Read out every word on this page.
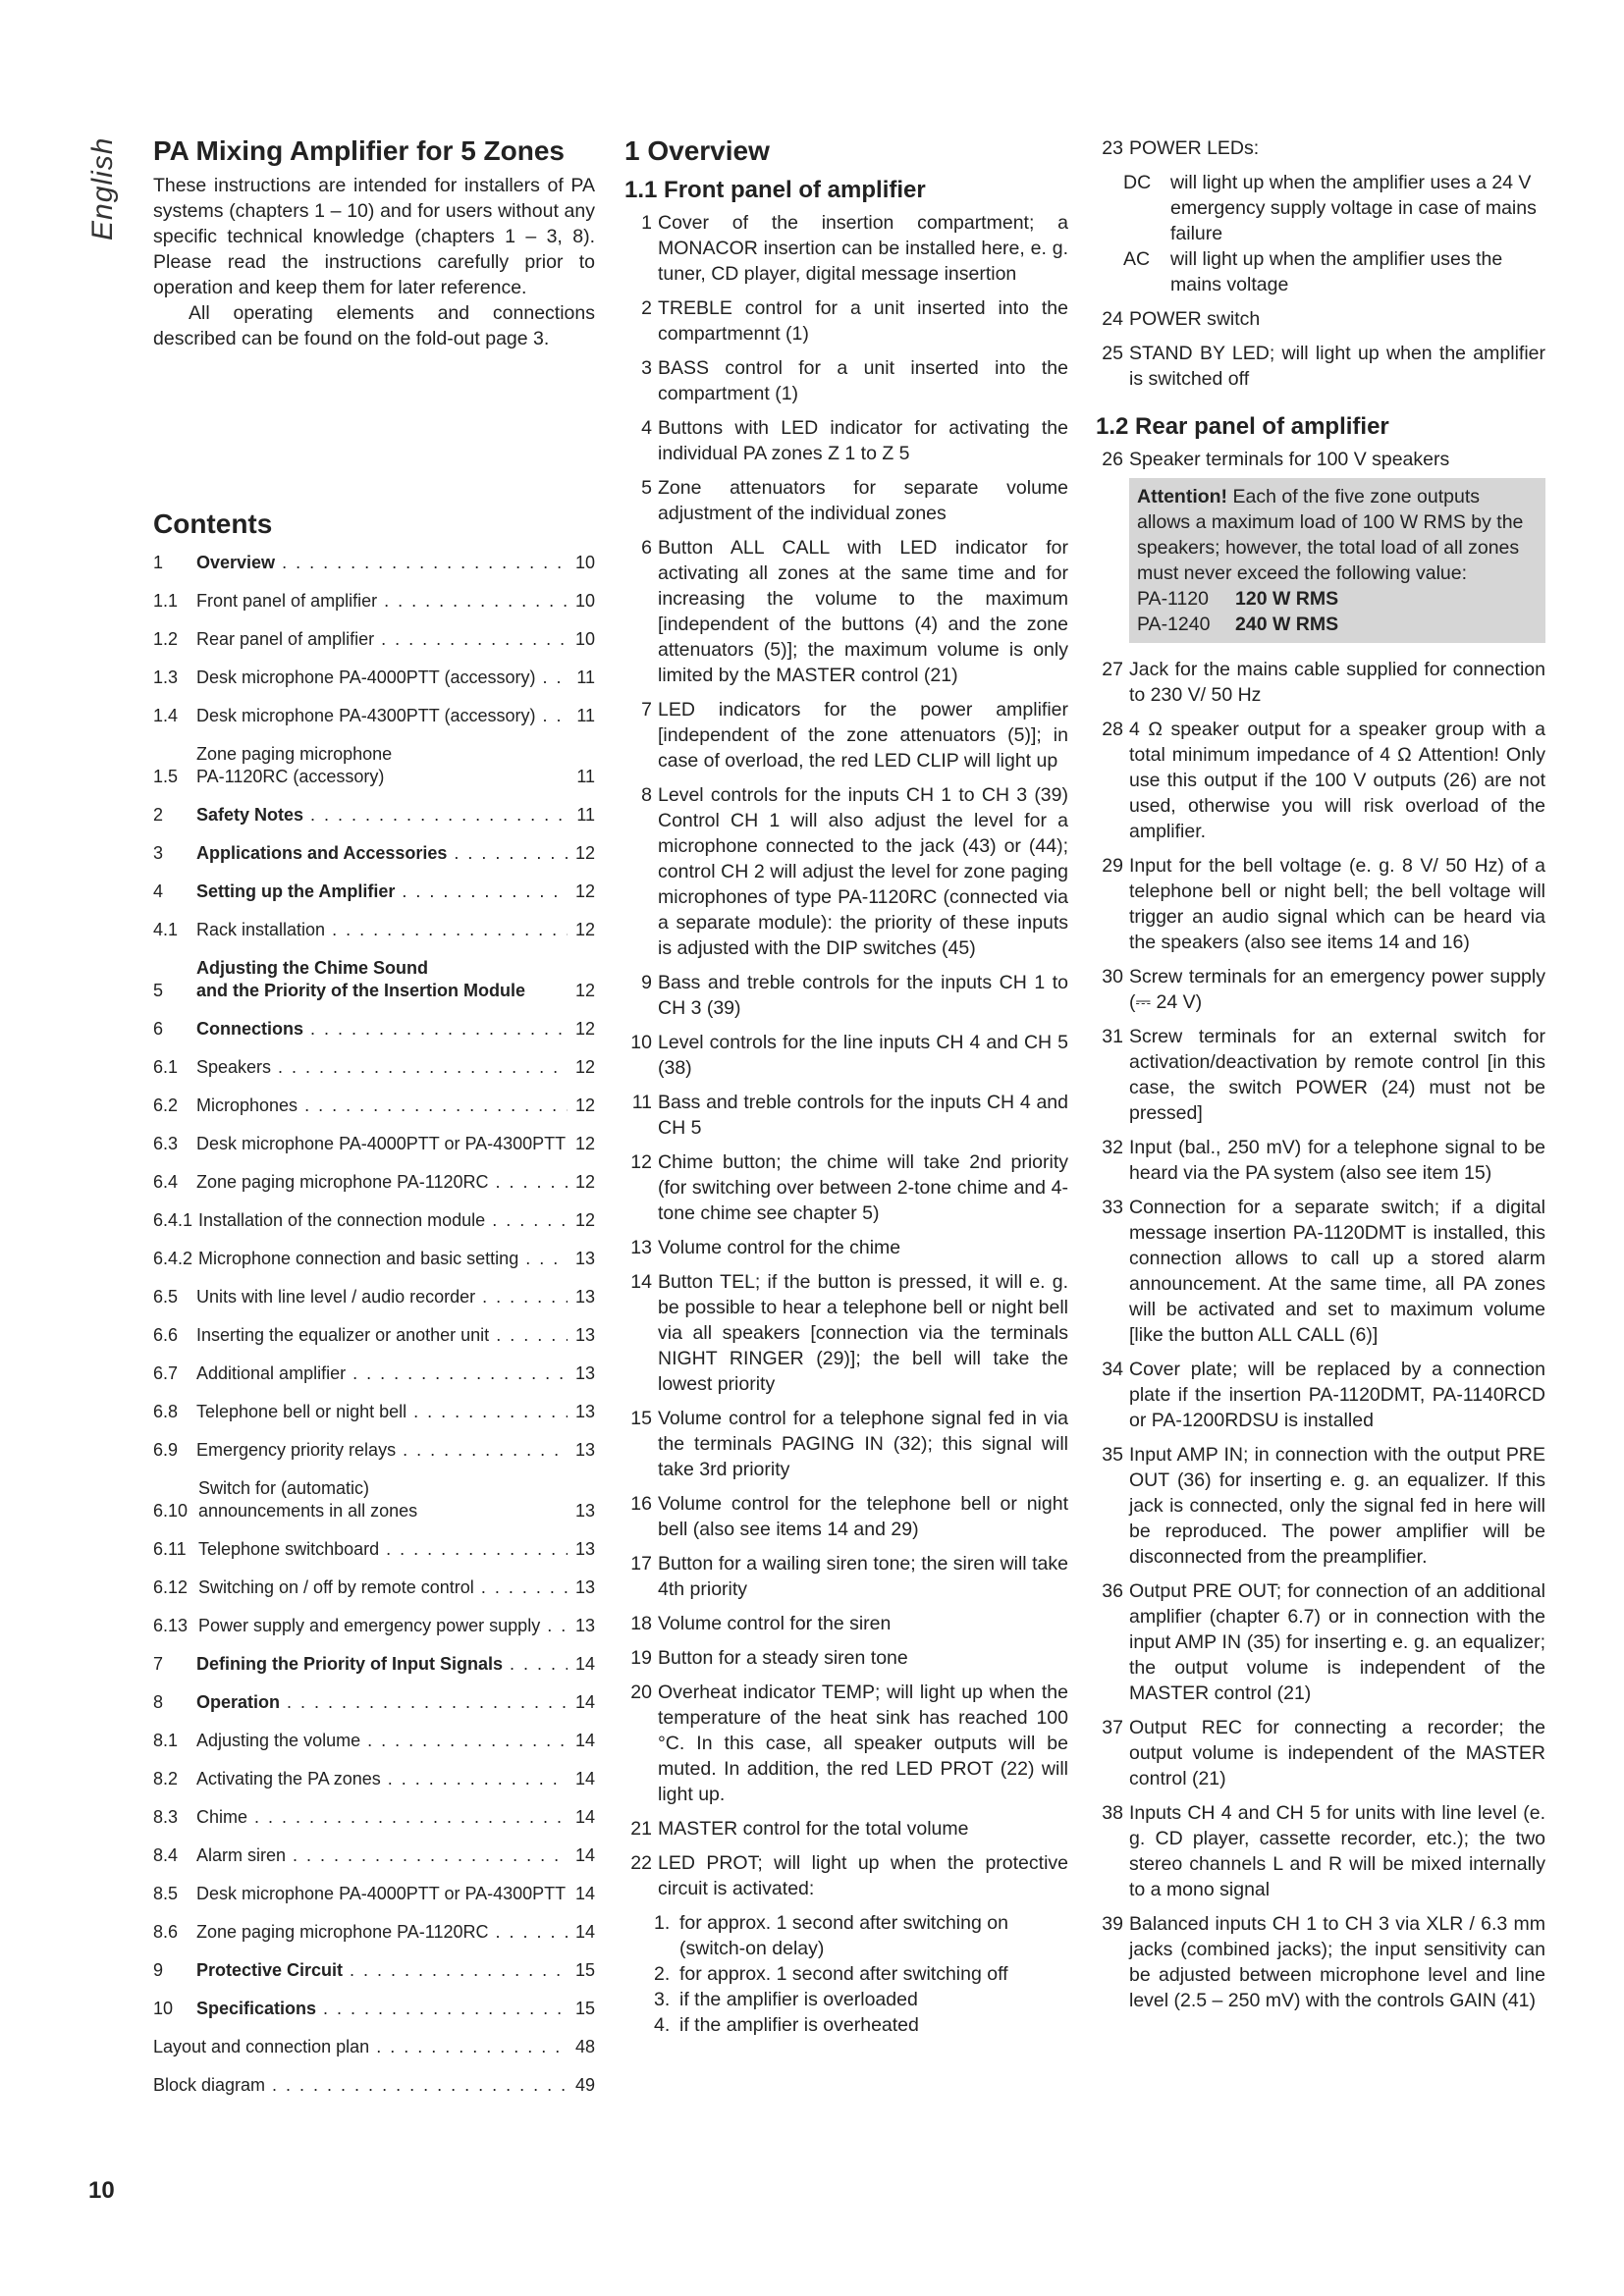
English PA Mixing Amplifier for 5 Zones

These instructions are intended for installers of PA systems (chapters 1 – 10) and for users without any specific technical knowledge (chapters 1 – 3, 8). Please read the instructions carefully prior to operation and keep them for later reference.

All operating elements and connections described can be found on the fold-out page 3.

Contents
1	Overview . . .	10
1.1	Front panel of amplifier . . .	10
1.2	Rear panel of amplifier . . .	10
1.3	Desk microphone PA-4000PTT (accessory) . . .	11
1.4	Desk microphone PA-4300PTT (accessory) . . .	11
1.5
Zone paging microphone
PA-1120RC (accessory)	11
2	Safety Notes . . .	11
3	Applications and Accessories . . .	12
4	Setting up the Amplifier . . .	12
4.1	Rack installation . . .	12
5
Adjusting the Chime Sound
and the Priority of the Insertion Module	12
6	Connections . . .	12
6.1	Speakers . . .	12
6.2	Microphones . . .	12
6.3	Desk microphone PA-4000PTT or PA-4300PTT . . . 12
6.4	Zone paging microphone PA-1120RC . . .	12
6.4.1 Installation of the connection module . . .	12
6.4.2 Microphone connection and basic setting . . .	13
6.5	Units with line level / audio recorder . . .	13
6.6	Inserting the equalizer or another unit . . .	13
6.7	Additional amplifier . . .	13
6.8	Telephone bell or night bell . . .	13
6.9	Emergency priority relays . . .	13
6.10
Switch for (automatic)
announcements in all zones	13
6.11 Telephone switchboard . . .	13
6.12 Switching on / off by remote control . . .	13
6.13 Power supply and emergency power supply . . .	13
7	Defining the Priority of Input Signals . . .	14
8	Operation . . .	14
8.1	Adjusting the volume . . .	14
8.2	Activating the PA zones . . .	14
8.3	Chime . . .	14
8.4	Alarm siren . . .	14
8.5	Desk microphone PA-4000PTT or PA-4300PTT . . . 14
8.6	Zone paging microphone PA-1120RC . . .	14
9	Protective Circuit . . .	15
10	Specifications . . .	15
Layout and connection plan . . .	48
Block diagram . . .	49
1 Overview
1.1 Front panel of amplifier
1 Cover of the insertion compartment; a MONACOR insertion can be installed here, e. g. tuner, CD player, digital message insertion
2 TREBLE control for a unit inserted into the compartmennt (1)
3 BASS control for a unit inserted into the compartment (1)
4 Buttons with LED indicator for activating the individual PA zones Z 1 to Z 5
5 Zone attenuators for separate volume adjustment of the individual zones
6 Button ALL CALL with LED indicator for activating all zones at the same time and for increasing the volume to the maximum [independent of the buttons (4) and the zone attenuators (5)]; the maximum volume is only limited by the MASTER control (21)
7 LED indicators for the power amplifier [independent of the zone attenuators (5)]; in case of overload, the red LED CLIP will light up
8 Level controls for the inputs CH 1 to CH 3 (39) Control CH 1 will also adjust the level for a microphone connected to the jack (43) or (44); control CH 2 will adjust the level for zone paging microphones of type PA-1120RC (connected via a separate module): the priority of these inputs is adjusted with the DIP switches (45)
9 Bass and treble controls for the inputs CH 1 to CH 3 (39)
10 Level controls for the line inputs CH 4 and CH 5 (38)
11 Bass and treble controls for the inputs CH 4 and CH 5
12 Chime button; the chime will take 2nd priority (for switching over between 2-tone chime and 4-tone chime see chapter 5)
13 Volume control for the chime
14 Button TEL; if the button is pressed, it will e. g. be possible to hear a telephone bell or night bell via all speakers [connection via the terminals NIGHT RINGER (29)]; the bell will take the lowest priority
15 Volume control for a telephone signal fed in via the terminals PAGING IN (32); this signal will take 3rd priority
16 Volume control for the telephone bell or night bell (also see items 14 and 29)
17 Button for a wailing siren tone; the siren will take 4th priority
18 Volume control for the siren
19 Button for a steady siren tone
20 Overheat indicator TEMP; will light up when the temperature of the heat sink has reached 100 °C. In this case, all speaker outputs will be muted. In addition, the red LED PROT (22) will light up.
21 MASTER control for the total volume
22 LED PROT; will light up when the protective circuit is activated:
1. for approx. 1 second after switching on (switch-on delay)
2. for approx. 1 second after switching off
3. if the amplifier is overloaded
4. if the amplifier is overheated
23 POWER LEDs:
DC	will light up when the amplifier uses a 24 V emergency supply voltage in case of mains failure
AC	will light up when the amplifier uses the mains voltage
24 POWER switch
25 STAND BY LED; will light up when the amplifier is switched off
1.2 Rear panel of amplifier
26 Speaker terminals for 100 V speakers
Attention! Each of the five zone outputs allows a maximum load of 100 W RMS by the speakers; however, the total load of all zones must never exceed the following value:
PA-1120	120 W RMS
PA-1240	240 W RMS
27 Jack for the mains cable supplied for connection to 230 V/ 50 Hz
28 4 Ω speaker output for a speaker group with a total minimum impedance of 4 Ω Attention! Only use this output if the 100 V outputs (26) are not used, otherwise you will risk overload of the amplifier.
29 Input for the bell voltage (e. g. 8 V/ 50 Hz) of a telephone bell or night bell; the bell voltage will trigger an audio signal which can be heard via the speakers (also see items 14 and 16)
30 Screw terminals for an emergency power supply (⎓ 24 V)
31 Screw terminals for an external switch for activation/deactivation by remote control [in this case, the switch POWER (24) must not be pressed]
32 Input (bal., 250 mV) for a telephone signal to be heard via the PA system (also see item 15)
33 Connection for a separate switch; if a digital message insertion PA-1120DMT is installed, this connection allows to call up a stored alarm announcement. At the same time, all PA zones will be activated and set to maximum volume [like the button ALL CALL (6)]
34 Cover plate; will be replaced by a connection plate if the insertion PA-1120DMT, PA-1140RCD or PA-1200RDSU is installed
35 Input AMP IN; in connection with the output PRE OUT (36) for inserting e. g. an equalizer. If this jack is connected, only the signal fed in here will be reproduced. The power amplifier will be disconnected from the preamplifier.
36 Output PRE OUT; for connection of an additional amplifier (chapter 6.7) or in connection with the input AMP IN (35) for inserting e. g. an equalizer; the output volume is independent of the MASTER control (21)
37 Output REC for connecting a recorder; the output volume is independent of the MASTER control (21)
38 Inputs CH 4 and CH 5 for units with line level (e. g. CD player, cassette recorder, etc.); the two stereo channels L and R will be mixed internally to a mono signal
39 Balanced inputs CH 1 to CH 3 via XLR / 6.3 mm jacks (combined jacks); the input sensitivity can be adjusted between microphone level and line level (2.5 – 250 mV) with the controls GAIN (41)
10
